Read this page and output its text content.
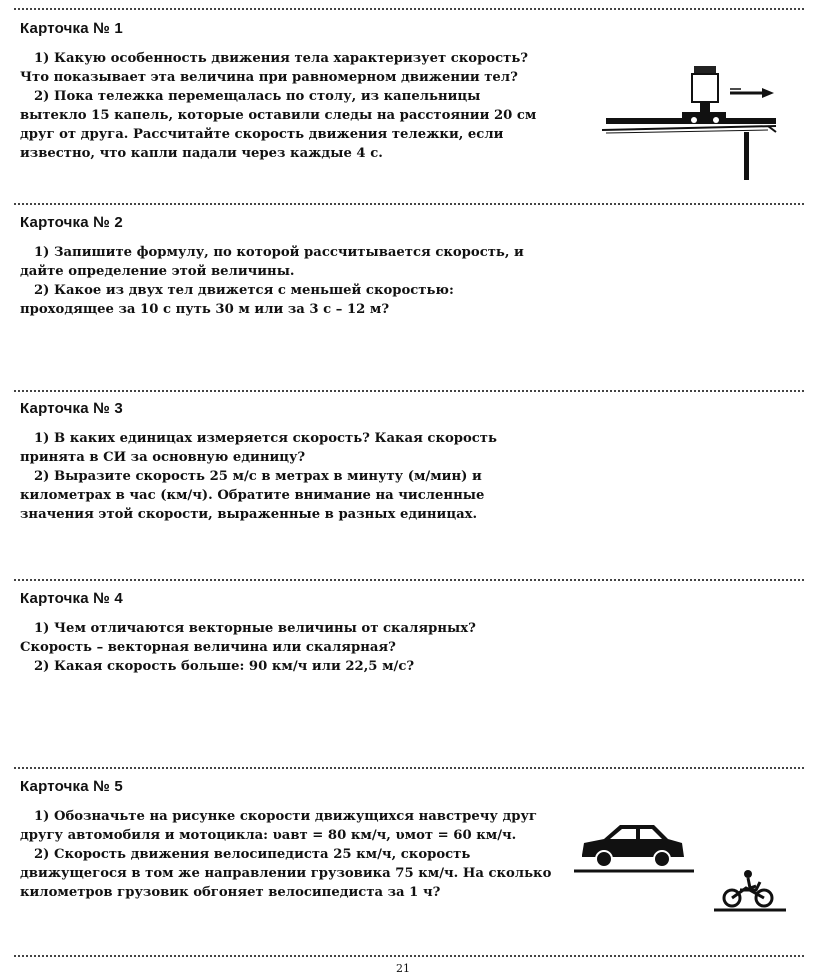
Карточка № 1

1) Какую особенность движения тела характеризует скорость? Что показывает эта величина при равномерном движении тел?

2) Пока тележка перемещалась по столу, из капельницы вытекло 15 капель, которые оставили следы на расстоянии 20 см друг от друга. Рассчитайте скорость движения тележки, если известно, что капли падали через каждые 4 с.

Карточка № 2

1) Запишите формулу, по которой рассчитывается скорость, и дайте определение этой величины.

2) Какое из двух тел движется с меньшей скоростью: проходящее за 10 с путь 30 м или за 3 с – 12 м?

Карточка № 3

1) В каких единицах измеряется скорость? Какая скорость принята в СИ за основную единицу?

2) Выразите скорость 25 м/с в метрах в минуту (м/мин) и километрах в час (км/ч). Обратите внимание на численные значения этой скорости, выраженные в разных единицах.

Карточка № 4

1) Чем отличаются векторные величины от скалярных? Скорость – векторная величина или скалярная?

2) Какая скорость больше: 90 км/ч или 22,5 м/с?

Карточка № 5

1) Обозначьте на рисунке скорости движущихся навстречу друг другу автомобиля и мотоцикла: υавт = 80 км/ч, υмот = 60 км/ч.

2) Скорость движения велосипедиста 25 км/ч, скорость движущегося в том же направлении грузовика 75 км/ч. На сколько километров грузовик обгоняет велосипедиста за 1 ч?

21
